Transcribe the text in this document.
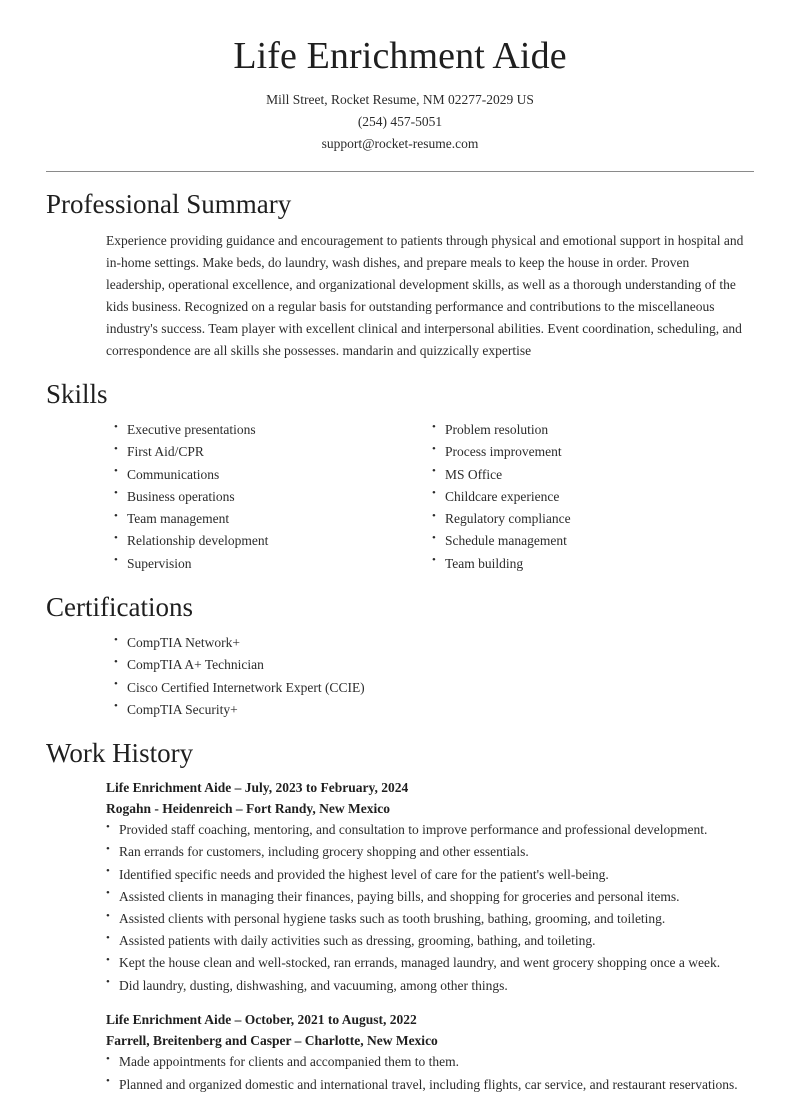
Life Enrichment Aide
Mill Street, Rocket Resume, NM 02277-2029 US
(254) 457-5051
support@rocket-resume.com
Professional Summary

Experience providing guidance and encouragement to patients through physical and emotional support in hospital and in-home settings. Make beds, do laundry, wash dishes, and prepare meals to keep the house in order. Proven leadership, operational excellence, and organizational development skills, as well as a thorough understanding of the kids business. Recognized on a regular basis for outstanding performance and contributions to the miscellaneous industry's success. Team player with excellent clinical and interpersonal abilities. Event coordination, scheduling, and correspondence are all skills she possesses. mandarin and quizzically expertise

Skills
• Executive presentations
• First Aid/CPR
• Communications
• Business operations
• Team management
• Relationship development
• Supervision
• Problem resolution
• Process improvement
• MS Office
• Childcare experience
• Regulatory compliance
• Schedule management
• Team building
Certifications
• CompTIA Network+
• CompTIA A+ Technician
• Cisco Certified Internetwork Expert (CCIE)
• CompTIA Security+
Work History
Life Enrichment Aide – July, 2023 to February, 2024
Rogahn - Heidenreich – Fort Randy, New Mexico
• Provided staff coaching, mentoring, and consultation to improve performance and professional development.
• Ran errands for customers, including grocery shopping and other essentials.
• Identified specific needs and provided the highest level of care for the patient's well-being.
• Assisted clients in managing their finances, paying bills, and shopping for groceries and personal items.
• Assisted clients with personal hygiene tasks such as tooth brushing, bathing, grooming, and toileting.
• Assisted patients with daily activities such as dressing, grooming, bathing, and toileting.
• Kept the house clean and well-stocked, ran errands, managed laundry, and went grocery shopping once a week.
• Did laundry, dusting, dishwashing, and vacuuming, among other things.
Life Enrichment Aide – October, 2021 to August, 2022
Farrell, Breitenberg and Casper – Charlotte, New Mexico
• Made appointments for clients and accompanied them to them.
• Planned and organized domestic and international travel, including flights, car service, and restaurant reservations.
